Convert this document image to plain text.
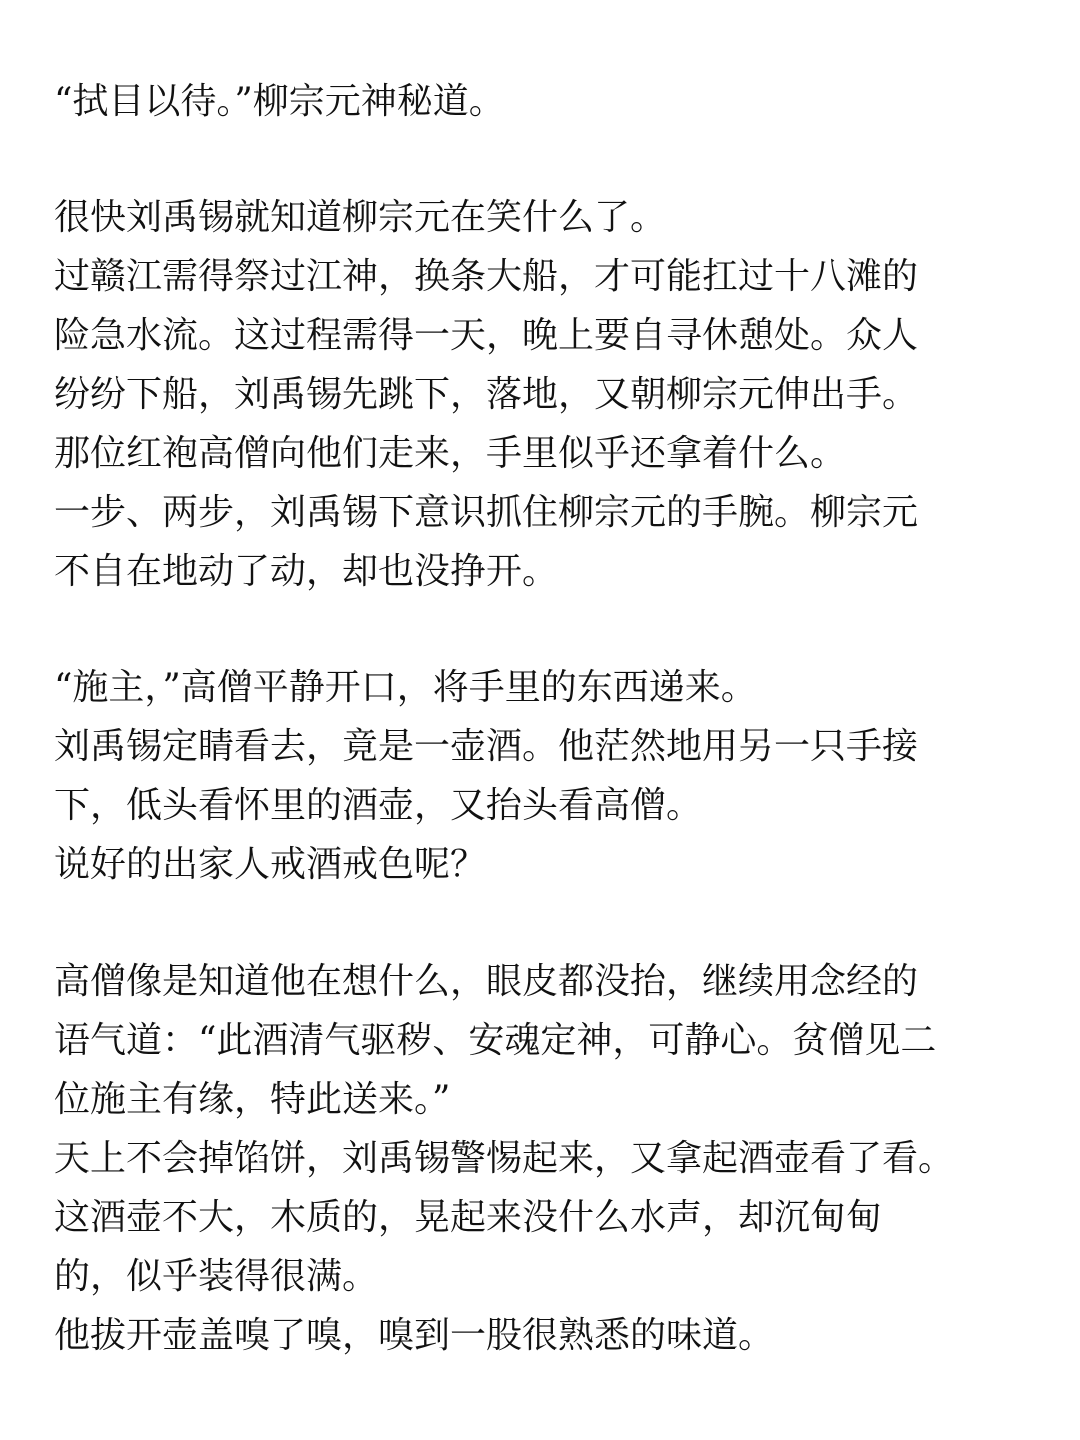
“拭目以待。”柳宗元神秘道。
很快刘禹锡就知道柳宗元在笑什么了。
过赣江需得祭过江神，换条大船，才可能扛过十八滩的
险急水流。这过程需得一天，晚上要自寻休憩处。众人
纷纷下船，刘禹锡先跳下，落地，又朝柳宗元伸出手。
那位红袍高僧向他们走来，手里似乎还拿着什么。
一步、两步，刘禹锡下意识抓住柳宗元的手腕。柳宗元
不自在地动了动，却也没挣开。
“施主，”高僧平静开口，将手里的东西递来。
刘禹锡定睛看去，竟是一壶酒。他茫然地用另一只手接
下，低头看怀里的酒壶，又抬头看高僧。
说好的出家人戒酒戒色呢？
高僧像是知道他在想什么，眼皮都没抬，继续用念经的
语气道：“此酒清气驱秽、安魂定神，可静心。贫僧见二
位施主有缘，特此送来。”
天上不会掉馅饼，刘禹锡警惕起来，又拿起酒壶看了看。
这酒壶不大，木质的，晃起来没什么水声，却沉甸甸
的，似乎装得很满。
他拔开壶盖嗅了嗅，嗅到一股很熟悉的味道。
